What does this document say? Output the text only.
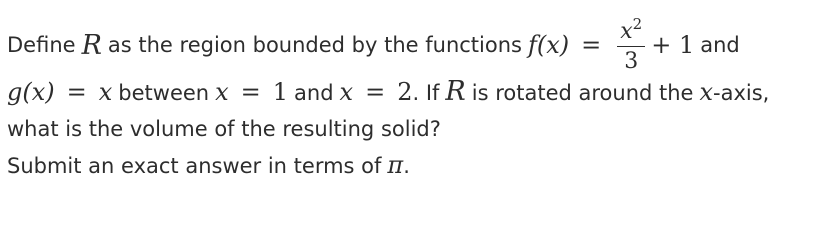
Define R as the region bounded by the functions $f(x) = \frac{x^2}{3} + 1$ and
g(x) = x between x = 1 and x = 2 . If R is rotated around the x -axis,
what is the volume of the resulting solid?
Submit an exact answer in terms of π .
